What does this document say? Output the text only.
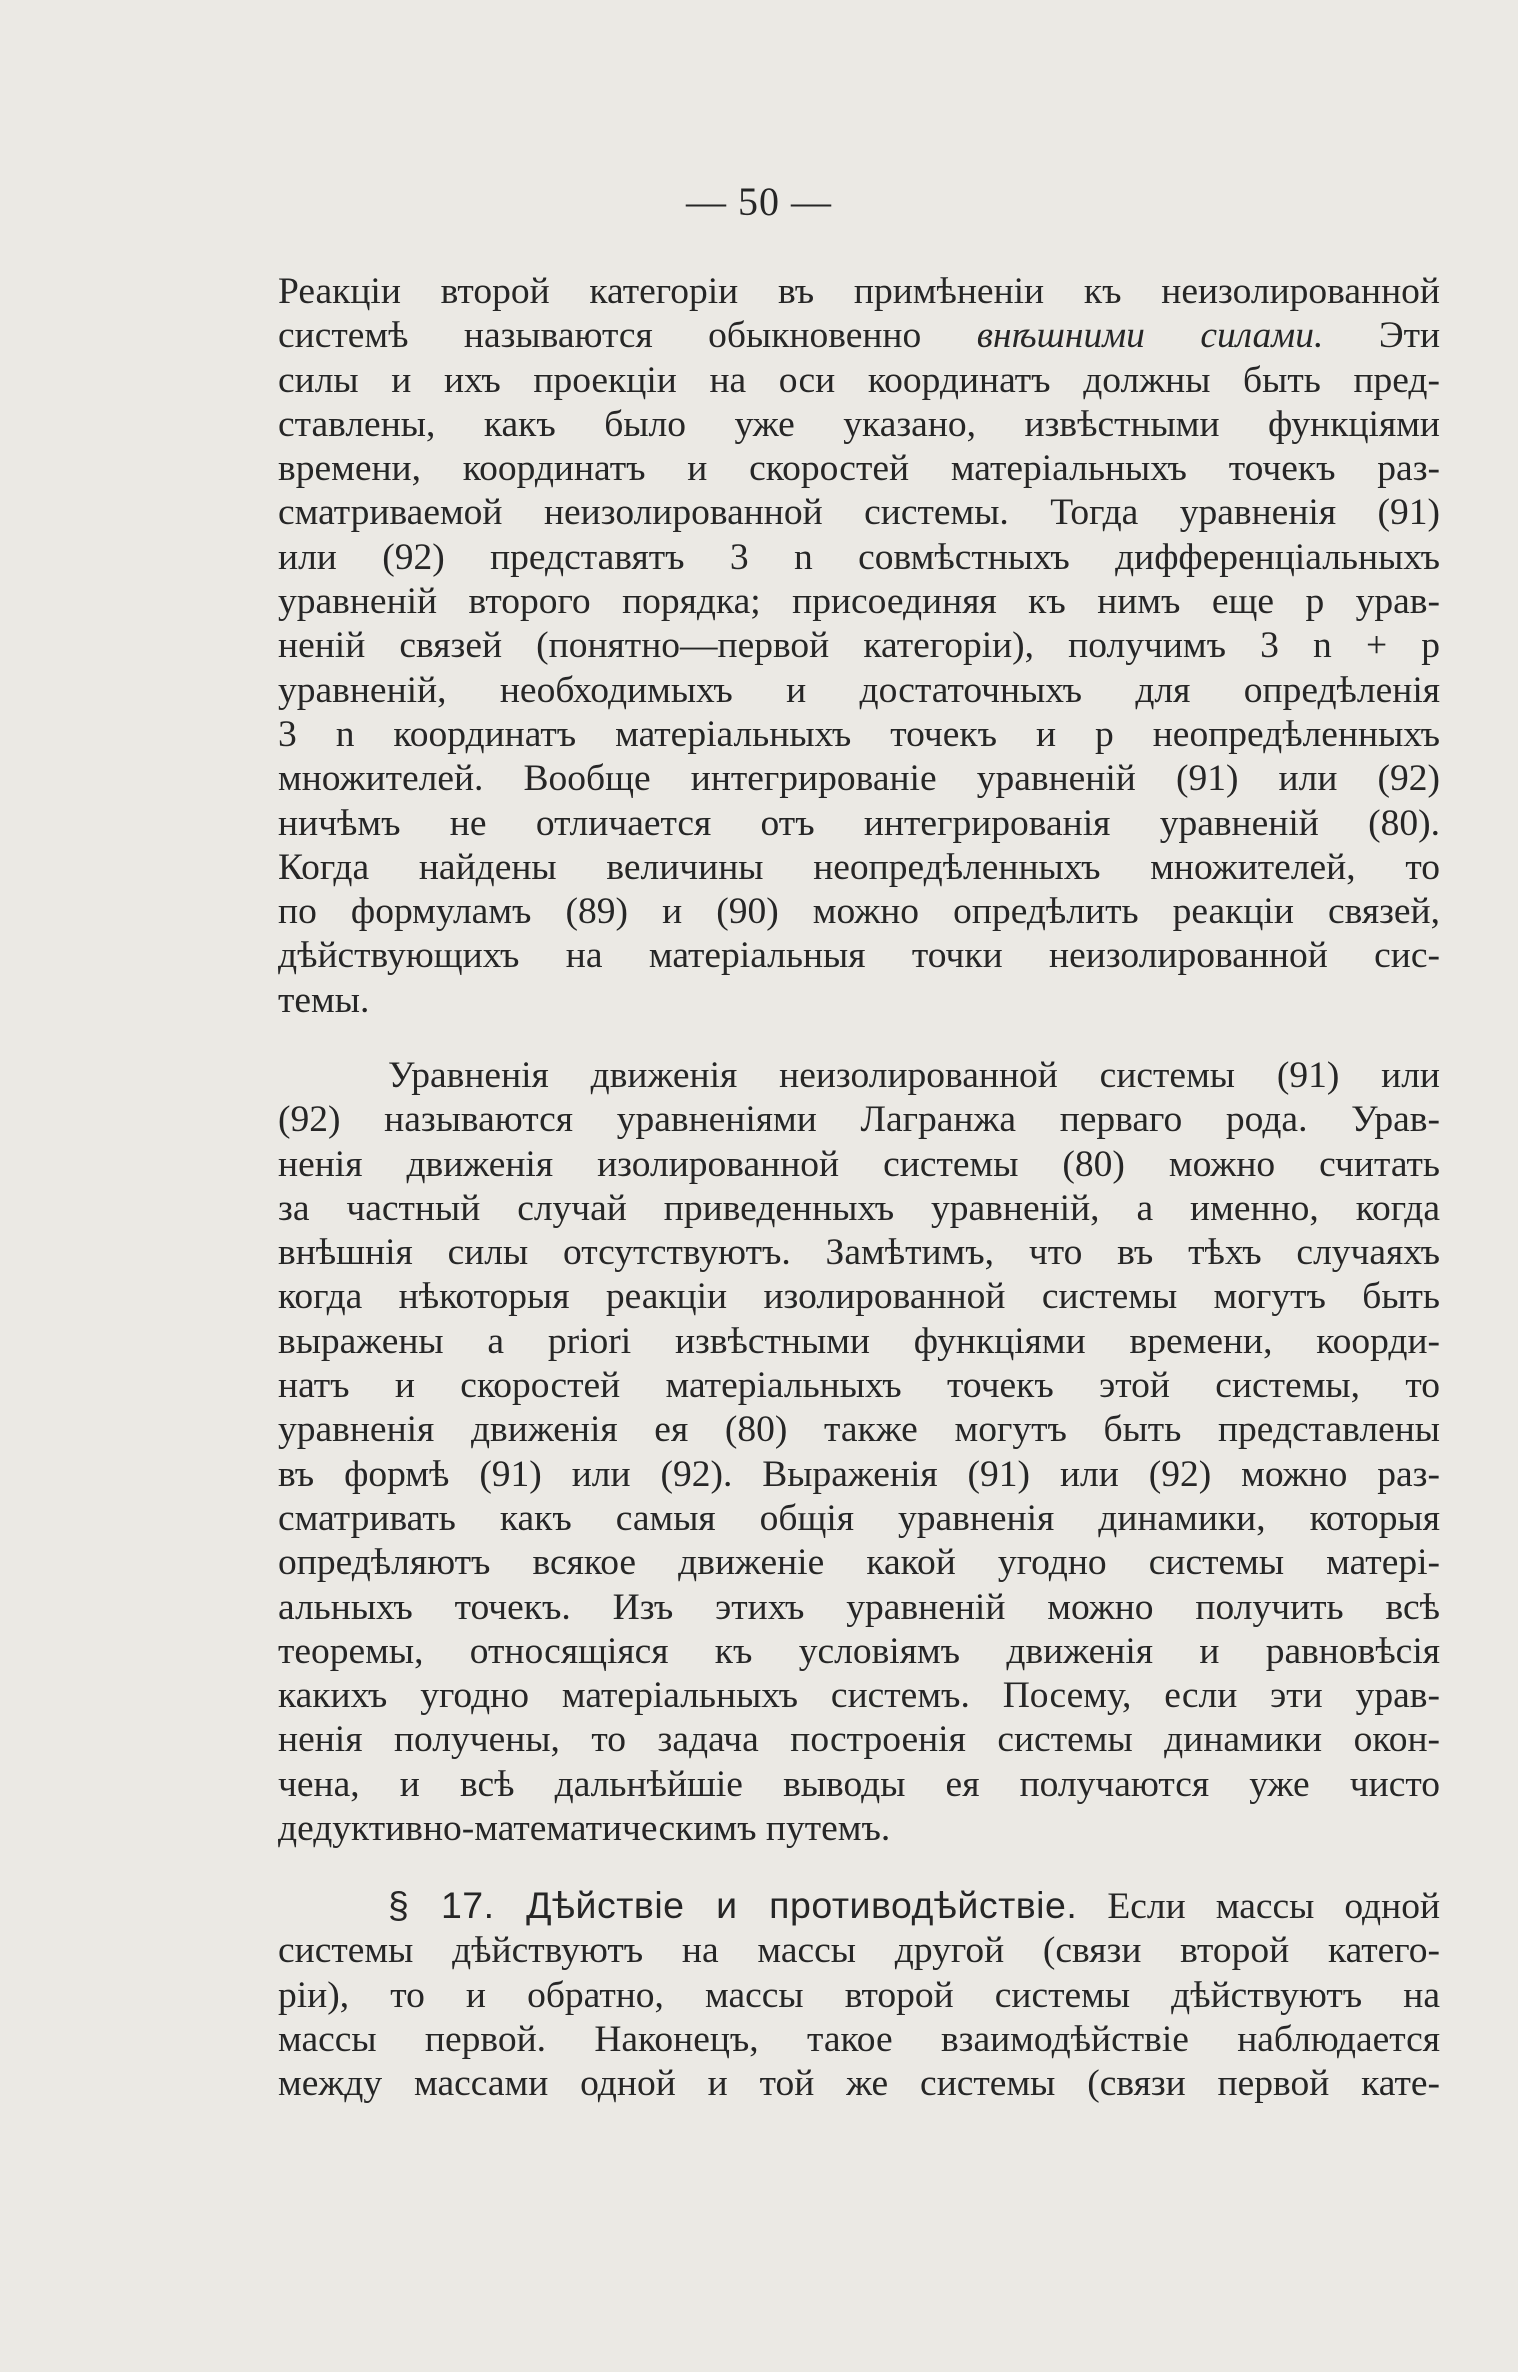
— 50 —
Реакціи второй категоріи въ примѣненіи къ неизолированной
системѣ называются обыкновенно внѣшними силами. Эти
силы и ихъ проекціи на оси координатъ должны быть пред-
ставлены, какъ было уже указано, извѣстными функціями
времени, координатъ и скоростей матеріальныхъ точекъ раз-
сматриваемой неизолированной системы. Тогда уравненія (91)
или (92) представятъ 3 n совмѣстныхъ дифференціальныхъ
уравненій второго порядка; присоединяя къ нимъ еще p урав-
неній связей (понятно—первой категоріи), получимъ 3 n + p
уравненій, необходимыхъ и достаточныхъ для опредѣленія
3 n координатъ матеріальныхъ точекъ и p неопредѣленныхъ
множителей. Вообще интегрированіе уравненій (91) или (92)
ничѣмъ не отличается отъ интегрированія уравненій (80).
Когда найдены величины неопредѣленныхъ множителей, то
по формуламъ (89) и (90) можно опредѣлить реакціи связей,
дѣйствующихъ на матеріальныя точки неизолированной сис-
темы.
Уравненія движенія неизолированной системы (91) или
(92) называются уравненіями Лагранжа перваго рода. Урав-
ненія движенія изолированной системы (80) можно считать
за частный случай приведенныхъ уравненій, а именно, когда
внѣшнія силы отсутствуютъ. Замѣтимъ, что въ тѣхъ случаяхъ
когда нѣкоторыя реакціи изолированной системы могутъ быть
выражены a priori извѣстными функціями времени, коорди-
натъ и скоростей матеріальныхъ точекъ этой системы, то
уравненія движенія ея (80) также могутъ быть представлены
въ формѣ (91) или (92). Выраженія (91) или (92) можно раз-
сматривать какъ самыя общія уравненія динамики, которыя
опредѣляютъ всякое движеніе какой угодно системы матері-
альныхъ точекъ. Изъ этихъ уравненій можно получить всѣ
теоремы, относящіяся къ условіямъ движенія и равновѣсія
какихъ угодно матеріальныхъ системъ. Посему, если эти урав-
ненія получены, то задача построенія системы динамики окон-
чена, и всѣ дальнѣйшіе выводы ея получаются уже чисто
дедуктивно-математическимъ путемъ.
§ 17. Дѣйствіе и противодѣйствіе. Если массы одной
системы дѣйствуютъ на массы другой (связи второй катего-
ріи), то и обратно, массы второй системы дѣйствуютъ на
массы первой. Наконецъ, такое взаимодѣйствіе наблюдается
между массами одной и той же системы (связи первой кате-
